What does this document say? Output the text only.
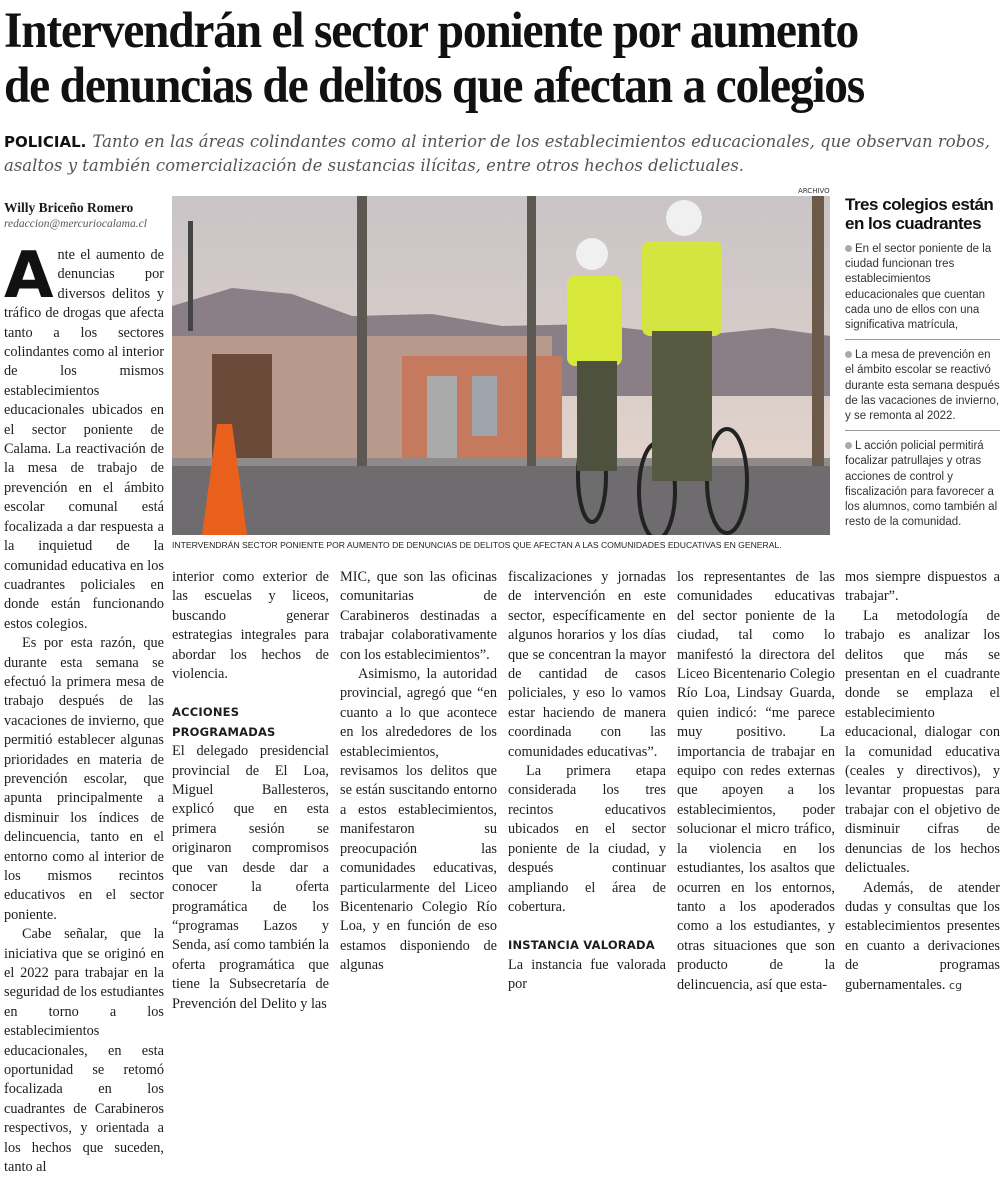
Intervendrán el sector poniente por aumento
de denuncias de delitos que afectan a colegios
POLICIAL. Tanto en las áreas colindantes como al interior de los establecimientos educacionales, que observan robos, asaltos y también comercialización de sustancias ilícitas, entre otros hechos delictuales.
Willy Briceño Romero
redaccion@mercuriocalama.cl
ARCHIVO
INTERVENDRÁN SECTOR PONIENTE POR AUMENTO DE DENUNCIAS DE DELITOS QUE AFECTAN A LAS COMUNIDADES EDUCATIVAS EN GENERAL.
Tres colegios están en los cuadrantes
En el sector poniente de la ciudad funcionan tres establecimientos educacionales que cuentan cada uno de ellos con una significativa matrícula,
La mesa de prevención en el ámbito escolar se reactivó durante esta semana después de las vacaciones de invierno, y se remonta al 2022.
L acción policial permitirá focalizar patrullajes y otras acciones de control y fiscalización para favorecer a los alumnos, como también al resto de la comunidad.
A nte el aumento de denuncias por diversos delitos y tráfico de drogas que afecta tanto a los sectores colindantes como al interior de los mismos establecimientos educacionales ubicados en el sector poniente de Calama. La reactivación de la mesa de trabajo de prevención en el ámbito escolar comunal está focalizada a dar respuesta a la inquietud de la comunidad educativa en los cuadrantes policiales en donde están funcionando estos colegios.

Es por esta razón, que durante esta semana se efectuó la primera mesa de trabajo después de las vacaciones de invierno, que permitió establecer algunas prioridades en materia de prevención escolar, que apunta principalmente a disminuir los índices de delincuencia, tanto en el entorno como al interior de los mismos recintos educativos en el sector poniente.

Cabe señalar, que la iniciativa que se originó en el 2022 para trabajar en la seguridad de los estudiantes en torno a los establecimientos educacionales, en esta oportunidad se retomó focalizada en los cuadrantes de Carabineros respectivos, y orientada a los hechos que suceden, tanto al

interior como exterior de las escuelas y liceos, buscando generar estrategias integrales para abordar los hechos de violencia.

ACCIONES PROGRAMADAS

El delegado presidencial provincial de El Loa, Miguel Ballesteros, explicó que en esta primera sesión se originaron compromisos que van desde dar a conocer la oferta programática de los “programas Lazos y Senda, así como también la oferta programática que tiene la Subsecretaría de Prevención del Delito y las

MIC, que son las oficinas comunitarias de Carabineros destinadas a trabajar colaborativamente con los establecimientos”.

Asimismo, la autoridad provincial, agregó que “en cuanto a lo que acontece en los alrededores de los establecimientos, revisamos los delitos que se están suscitando entorno a estos establecimientos, manifestaron su preocupación las comunidades educativas, particularmente del Liceo Bicentenario Colegio Río Loa, y en función de eso estamos disponiendo de algunas

fiscalizaciones y jornadas de intervención en este sector, específicamente en algunos horarios y los días que se concentran la mayor de cantidad de casos policiales, y eso lo vamos estar haciendo de manera coordinada con las comunidades educativas”.

La primera etapa considerada los tres recintos educativos ubicados en el sector poniente de la ciudad, y después continuar ampliando el área de cobertura.

INSTANCIA VALORADA

La instancia fue valorada por

los representantes de las comunidades educativas del sector poniente de la ciudad, tal como lo manifestó la directora del Liceo Bicentenario Colegio Río Loa, Lindsay Guarda, quien indicó: “me parece muy positivo. La importancia de trabajar en equipo con redes externas que apoyen a los establecimientos, poder solucionar el micro tráfico, la violencia en los estudiantes, los asaltos que ocurren en los entornos, tanto a los apoderados como a los estudiantes, y otras situaciones que son producto de la delincuencia, así que esta-

mos siempre dispuestos a trabajar”.

La metodología de trabajo es analizar los delitos que más se presentan en el cuadrante donde se emplaza el establecimiento educacional, dialogar con la comunidad educativa (ceales y directivos), y levantar propuestas para trabajar con el objetivo de disminuir cifras de denuncias de los hechos delictuales.

Además, de atender dudas y consultas que los establecimientos presentes en cuanto a derivaciones de programas gubernamentales. cg
